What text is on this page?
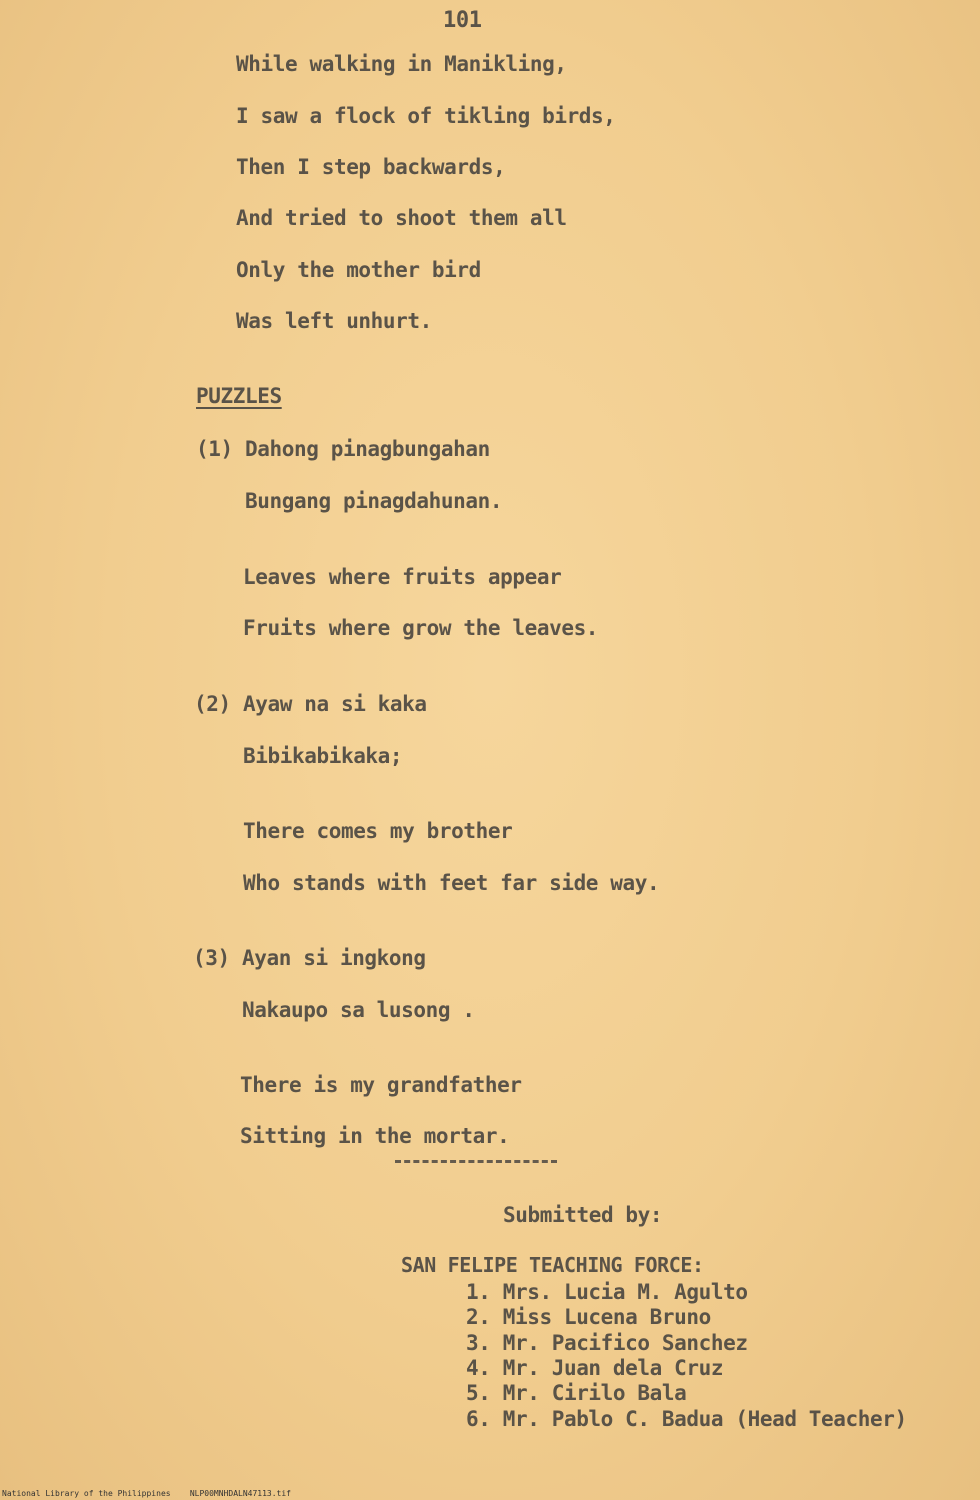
101
While walking in Manikling,
I saw a flock of tikling birds,
Then I step backwards,
And tried to shoot them all
Only the mother bird
Was left unhurt.
PUZZLES
(1) Dahong pinagbungahan
Bungang pinagdahunan.
Leaves where fruits appear
Fruits where grow the leaves.
(2) Ayaw na si kaka
Bibikabikaka;
There comes my brother
Who stands with feet far side way.
(3) Ayan si ingkong
Nakaupo sa lusong .
There is my grandfather
Sitting in the mortar.
Submitted by:
SAN FELIPE TEACHING FORCE:
1. Mrs. Lucia M. Agulto
2. Miss Lucena Bruno
3. Mr. Pacifico Sanchez
4. Mr. Juan dela Cruz
5. Mr. Cirilo Bala
6. Mr. Pablo C. Badua (Head Teacher)
National Library of the Philippines NLP00MNHDALN47113.tif
